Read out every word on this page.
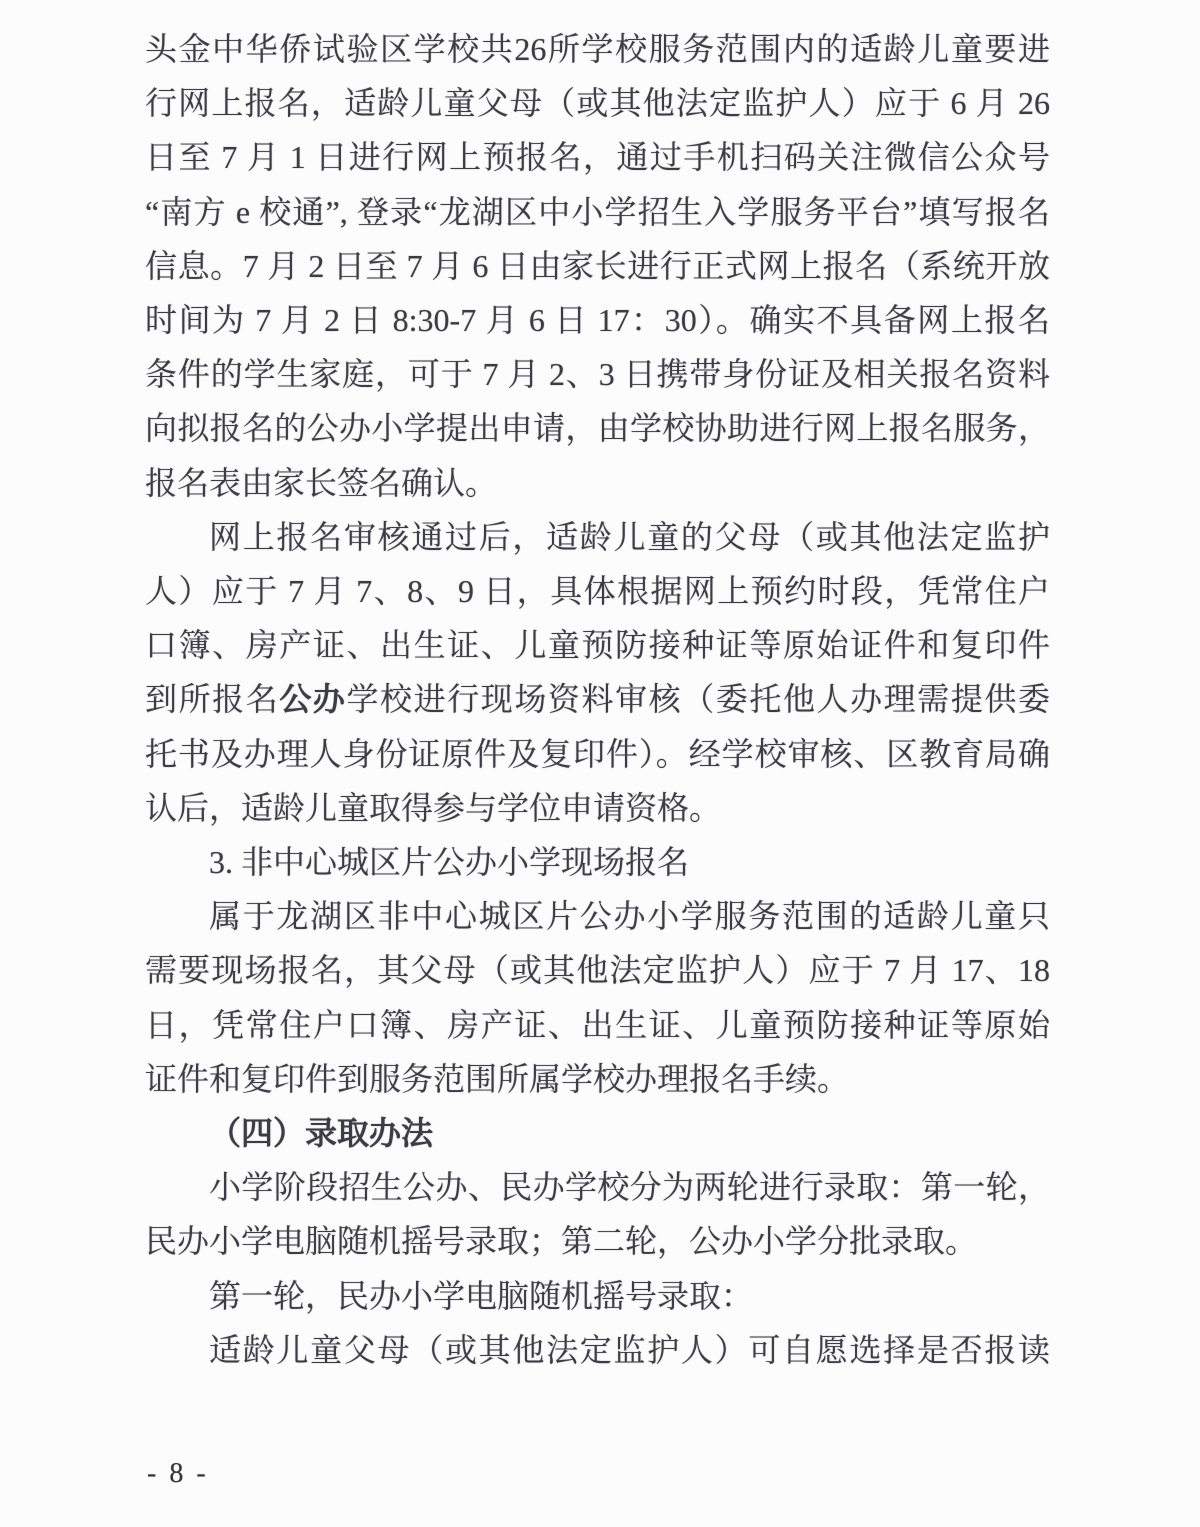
头金中华侨试验区学校共26所学校服务范围内的适龄儿童要进
行网上报名，适龄儿童父母（或其他法定监护人）应于 6 月 26
日至 7 月 1 日进行网上预报名，通过手机扫码关注微信公众号
“南方 e 校通”, 登录“龙湖区中小学招生入学服务平台”填写报名
信息。7 月 2 日至 7 月 6 日由家长进行正式网上报名（系统开放
时间为 7 月 2 日 8:30-7 月 6 日 17：30）。确实不具备网上报名
条件的学生家庭，可于 7 月 2、3 日携带身份证及相关报名资料
向拟报名的公办小学提出申请，由学校协助进行网上报名服务，
报名表由家长签名确认。
网上报名审核通过后，适龄儿童的父母（或其他法定监护
人）应于 7 月 7、8、9 日，具体根据网上预约时段，凭常住户
口簿、房产证、出生证、儿童预防接种证等原始证件和复印件
到所报名公办学校进行现场资料审核（委托他人办理需提供委
托书及办理人身份证原件及复印件）。经学校审核、区教育局确
认后，适龄儿童取得参与学位申请资格。
3. 非中心城区片公办小学现场报名
属于龙湖区非中心城区片公办小学服务范围的适龄儿童只
需要现场报名，其父母（或其他法定监护人）应于 7 月 17、18
日，凭常住户口簿、房产证、出生证、儿童预防接种证等原始
证件和复印件到服务范围所属学校办理报名手续。
（四）录取办法
小学阶段招生公办、民办学校分为两轮进行录取：第一轮，
民办小学电脑随机摇号录取；第二轮，公办小学分批录取。
第一轮，民办小学电脑随机摇号录取：
适龄儿童父母（或其他法定监护人）可自愿选择是否报读
- 8 -
